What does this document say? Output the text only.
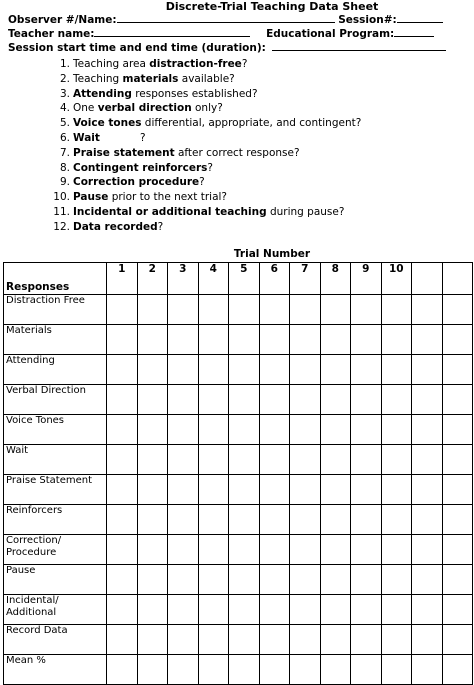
Discrete-Trial Teaching Data Sheet
Observer #/Name:	Session#:
Teacher name:	Educational Program:
Session start time and end time (duration):
1. Teaching area distraction-free?
2. Teaching materials available?
3. Attending responses established?
4. One verbal direction only?
5. Voice tones differential, appropriate, and contingent?
6. Wait            ?
7. Praise statement after correct response?
8. Contingent reinforcers?
9. Correction procedure?
10. Pause prior to the next trial?
11. Incidental or additional teaching during pause?
12. Data recorded?
Trial Number
Responses	1	2	3	4	5	6	7	8	9	10		
Distraction Free												
Materials												
Attending												
Verbal Direction												
Voice Tones												
Wait												
Praise Statement												
Reinforcers												
Correction/ Procedure												
Pause												
Incidental/ Additional												
Record Data												
Mean %												
